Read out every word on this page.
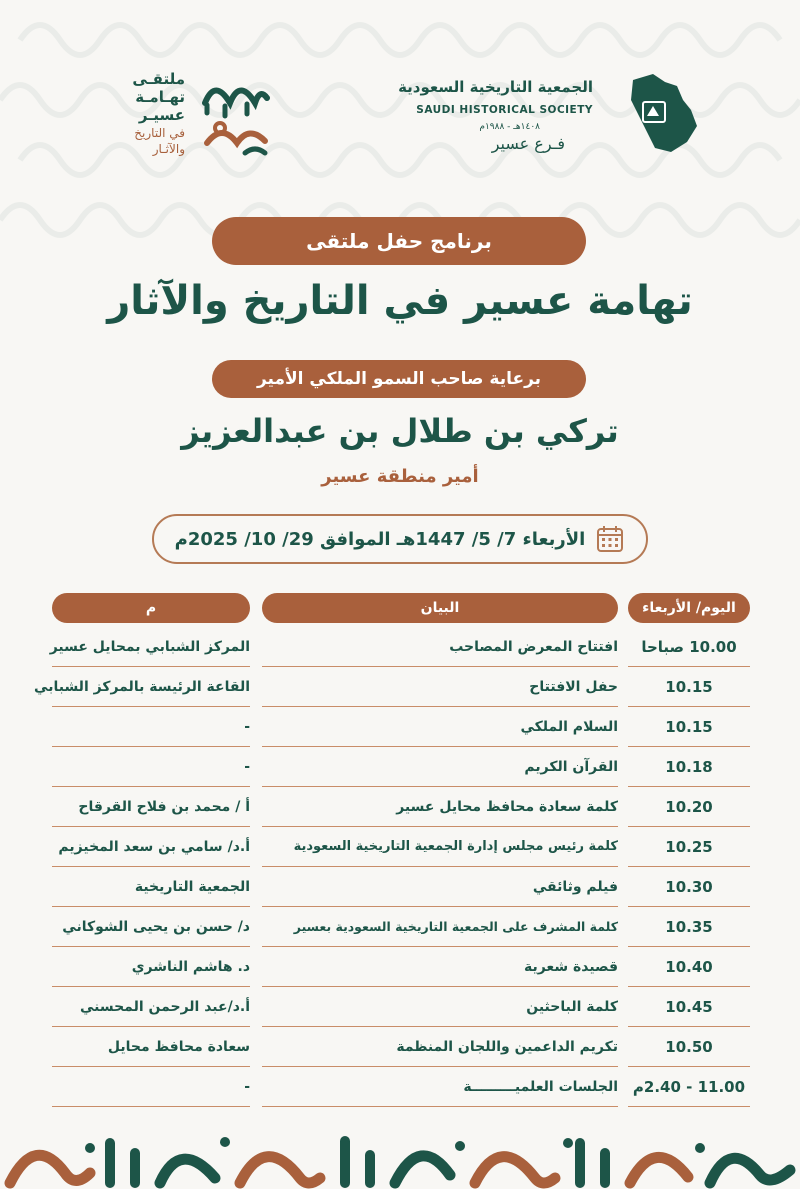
الجمعية التاريخية السعودية
SAUDI HISTORICAL SOCIETY
١٤٠٨هـ - ١٩٨٨م
فـرع عسير
ملتقـى
تهـامـة
عسيـر
في التاريخ
والآثـار
برنامج حفل ملتقى
تهامة عسير في التاريخ والآثار
برعاية صاحب السمو الملكي الأمير
تركي بن طلال بن عبدالعزيز
أمير منطقة عسير
الأربعاء 7/ 5/ 1447هـ الموافق 29/ 10/ 2025م
اليوم/ الأربعاء
البيان
م
10.00 صباحا
افتتاح المعرض المصاحب
المركز الشبابي بمحايل عسير
10.15
حفل الافتتاح
القاعة الرئيسة بالمركز الشبابي
10.15
السلام الملكي
-
10.18
القرآن الكريم
-
10.20
كلمة سعادة محافظ محايل عسير
أ / محمد بن فلاح القرقاح
10.25
كلمة رئيس مجلس إدارة الجمعية التاريخية السعودية
أ.د/ سامي بن سعد المخيزيم
10.30
فيلم وثائقي
الجمعية التاريخية
10.35
كلمة المشرف على الجمعية التاريخية السعودية بعسير
د/ حسن بن يحيى الشوكاني
10.40
قصيدة شعرية
د. هاشم الناشري
10.45
كلمة الباحثين
أ.د/عبد الرحمن المحسني
10.50
تكريم الداعمين واللجان المنظمة
سعادة محافظ محايل
11.00 - 2.40م
الجلسات العلميـــــــــة
-
